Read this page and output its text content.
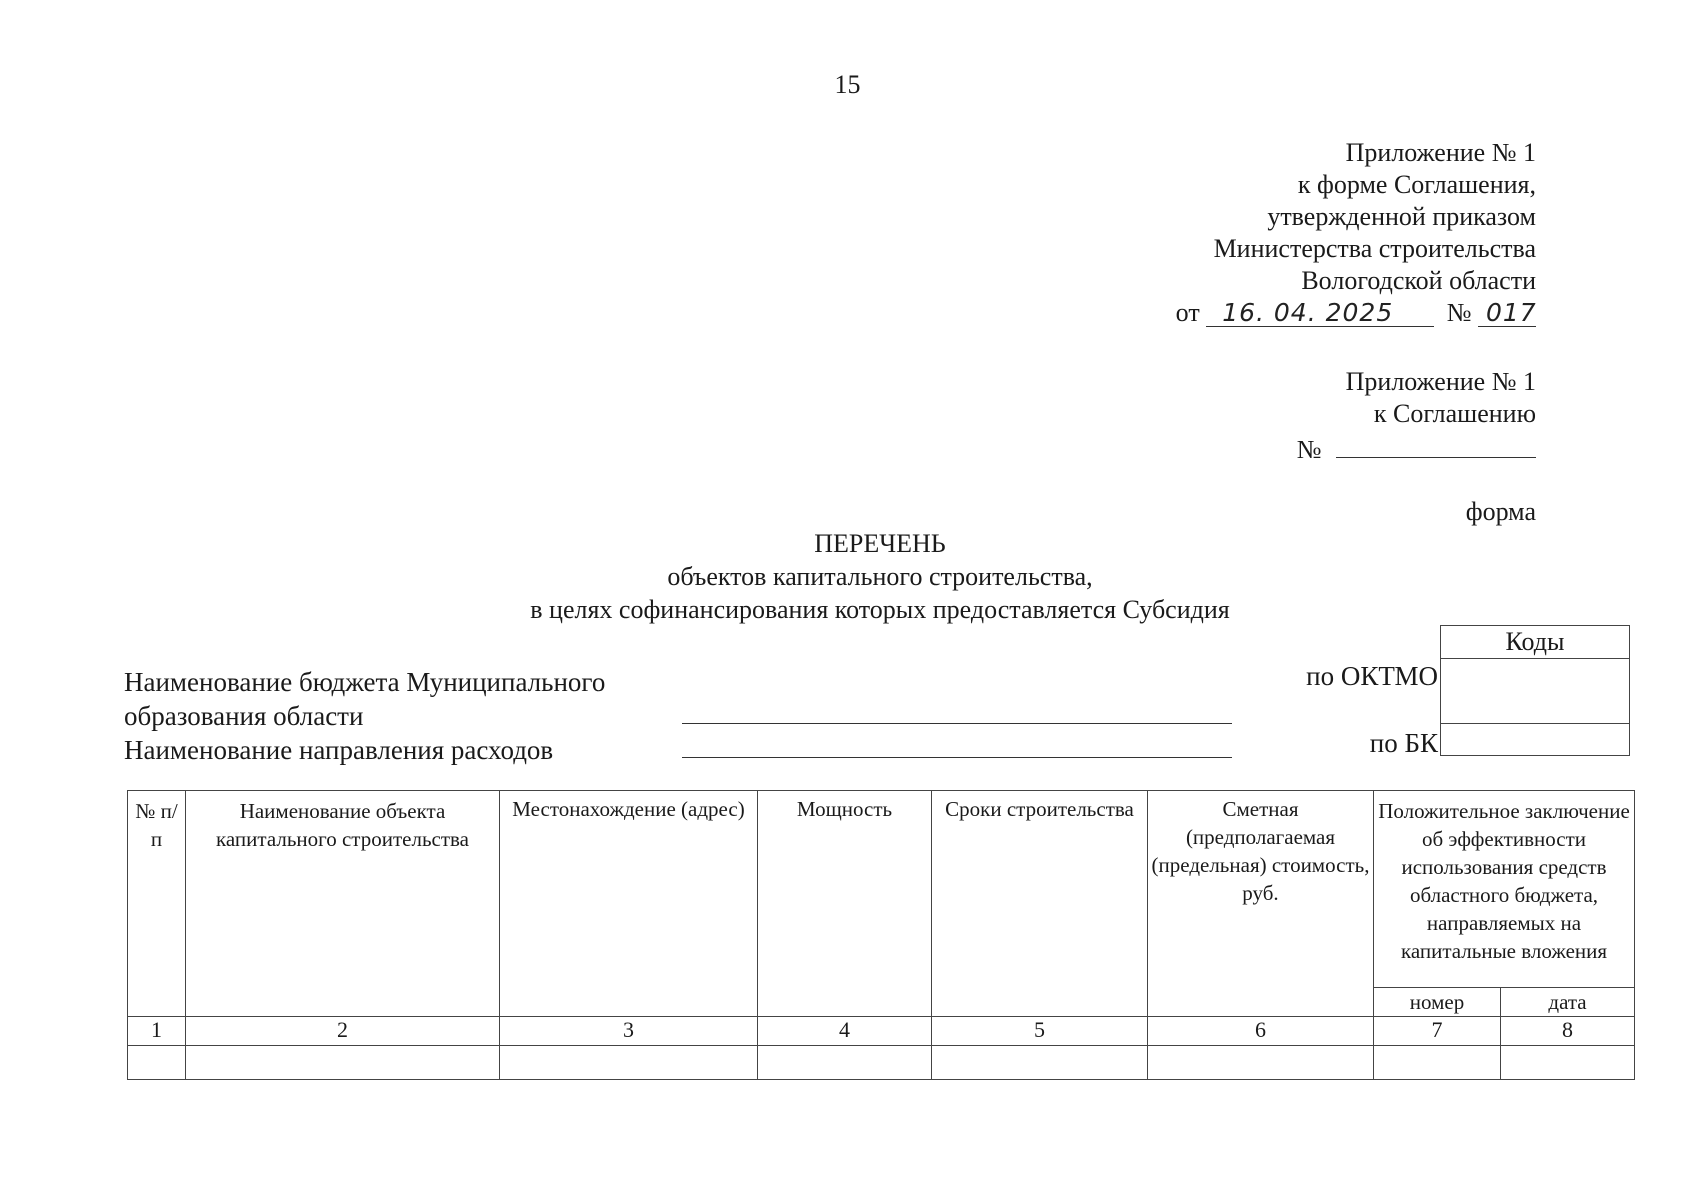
15
Приложение № 1
к форме Соглашения,
утвержденной приказом
Министерства строительства
Вологодской области
от 16. 04. 2025 № 017
Приложение № 1
к Соглашению
№
форма
ПЕРЕЧЕНЬ
объектов капитального строительства,
в целях софинансирования которых предоставляется Субсидия
Наименование бюджета Муниципального
образования области
Наименование направления расходов
по ОКТМО
по БК
Коды
№ п/п	Наименование объекта капитального строительства	Местонахождение (адрес)	Мощность	Сроки строительства	Сметная (предполагаемая (предельная) стоимость, руб.	Положительное заключение об эффективности использования средств областного бюджета, направляемых на капитальные вложения	
						номер	дата
1	2	3	4	5	6	7	8
